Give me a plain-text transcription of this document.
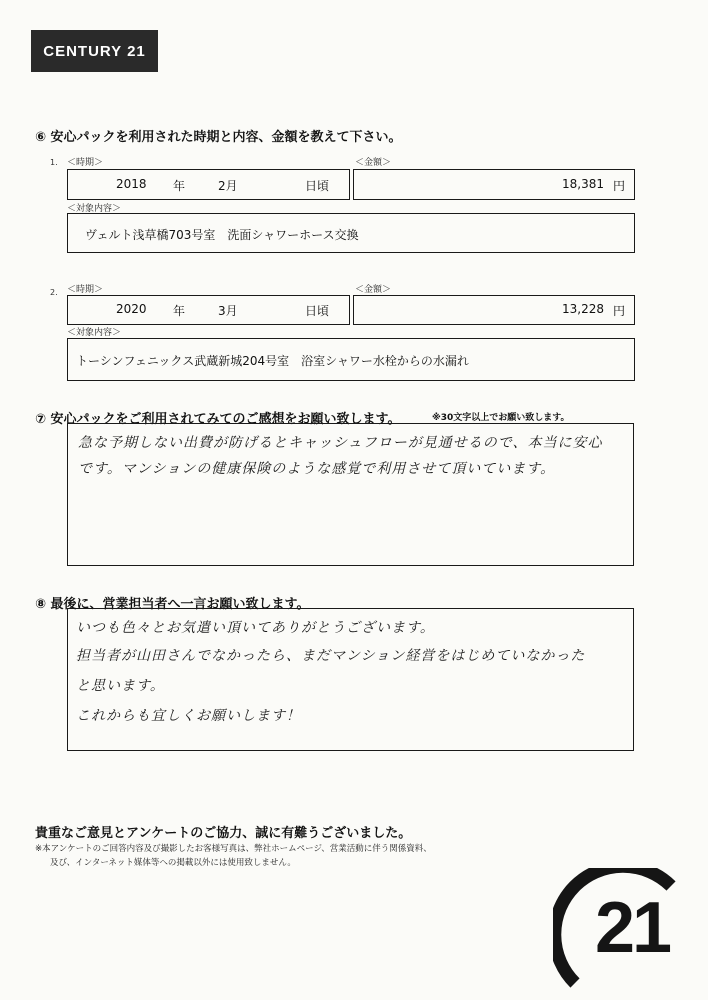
CENTURY 21
⑥ 安心パックを利用された時期と内容、金額を教えて下さい。
1. ＜時期＞	＜金額＞
2018 年	2月	日頃	18,381 円
＜対象内容＞
ヴェルト浅草橋703号室　洗面シャワーホース交換
2. ＜時期＞	＜金額＞
2020 年	3月	日頃	13,228 円
＜対象内容＞
トーシンフェニックス武蔵新城204号室　浴室シャワー水栓からの水漏れ
⑦ 安心パックをご利用されてみてのご感想をお願い致します。	※30文字以上でお願い致します。
急な予期しない出費が防げるとキャッシュフローが見通せるので、本当に安心
です。マンションの健康保険のような感覚で利用させて頂いています。
⑧ 最後に、営業担当者へ一言お願い致します。
いつも色々とお気遣い頂いてありがとうございます。
担当者が山田さんでなかったら、まだマンション経営をはじめていなかった
と思います。
これからも宜しくお願いします！
貴重なご意見とアンケートのご協力、誠に有難うございました。
※本アンケートのご回答内容及び撮影したお客様写真は、弊社ホームページ、営業活動に伴う関係資料、
及び、インターネット媒体等への掲載以外には使用致しません。
21
